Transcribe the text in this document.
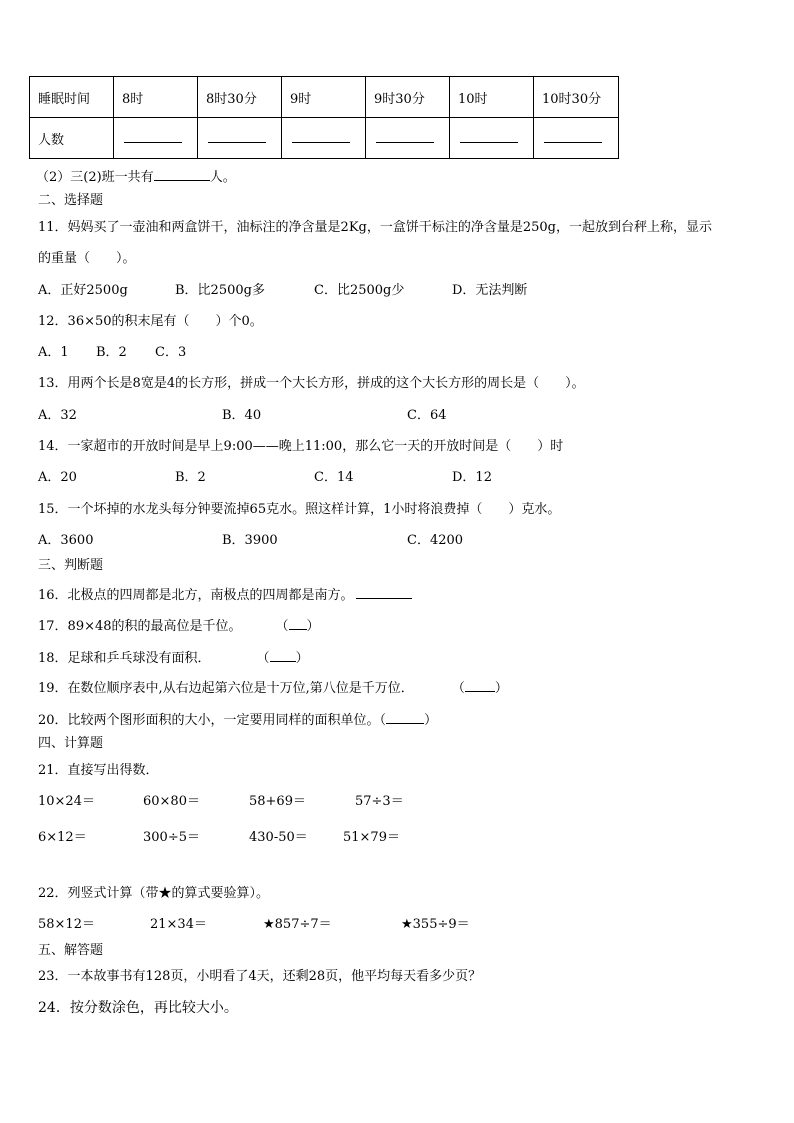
睡眠时间	8时	8时30分	9时	9时30分	10时	10时30分
人数						
（2）三(2)班一共有	人。
二、选择题
11．妈妈买了一壶油和两盒饼干，油标注的净含量是2Kg，一盒饼干标注的净含量是250g，一起放到台秤上称，显示
的重量（　　）。
A．正好2500g	B．比2500g多	C．比2500g少	D．无法判断
12．36×50的积末尾有（　　）个0。
A．1 B．2 C．3
13．用两个长是8宽是4的长方形，拼成一个大长方形，拼成的这个大长方形的周长是（　　）。
A．32	B．40	C．64
14．一家超市的开放时间是早上9:00——晚上11:00，那么它一天的开放时间是（　　）时
A．20	B．2	C．14	D．12
15．一个坏掉的水龙头每分钟要流掉65克水。照这样计算，1小时将浪费掉（　　）克水。
A．3600	B．3900	C．4200
三、判断题
16．北极点的四周都是北方，南极点的四周都是南方。
17．89×48的积的最高位是千位。	（ ）
18．足球和乒乓球没有面积．	（ ）
19．在数位顺序表中,从右边起第六位是十万位,第八位是千万位．	（ ）
20．比较两个图形面积的大小，一定要用同样的面积单位。（	）
四、计算题
21．直接写出得数．
10×24＝	60×80＝	58+69＝	57÷3＝
6×12＝	300÷5＝	430-50＝	51×79＝
22．列竖式计算（带★的算式要验算）。
58×12＝	21×34＝	★857÷7＝	★355÷9＝
五、解答题
23．一本故事书有128页，小明看了4天，还剩28页，他平均每天看多少页？
24．按分数涂色，再比较大小。
